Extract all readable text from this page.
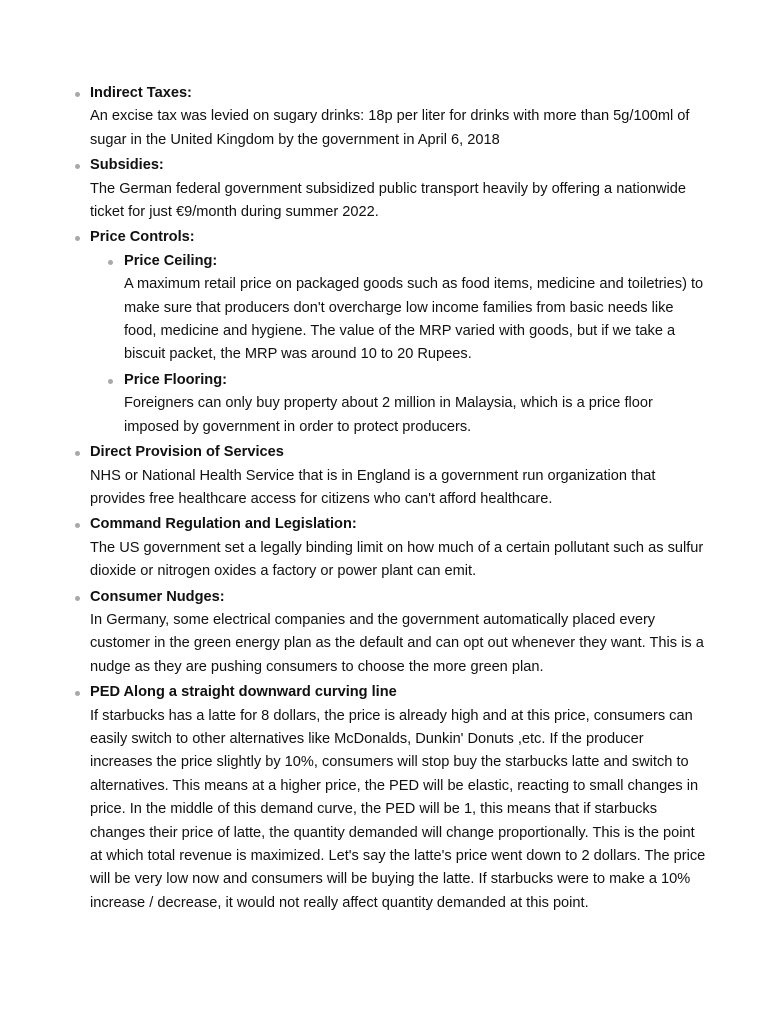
Indirect Taxes:
An excise tax was levied on sugary drinks: 18p per liter for drinks with more than 5g/100ml of sugar in the United Kingdom by the government in April 6, 2018
Subsidies:
The German federal government subsidized public transport heavily by offering a nationwide ticket for just €9/month during summer 2022.
Price Controls:
Price Ceiling:
A maximum retail price on packaged goods such as food items, medicine and toiletries) to make sure that producers don't overcharge low income families from basic needs like food, medicine and hygiene. The value of the MRP varied with goods, but if we take a biscuit packet, the MRP was around 10 to 20 Rupees.
Price Flooring:
Foreigners can only buy property about 2 million in Malaysia, which is a price floor imposed by government in order to protect producers.
Direct Provision of Services
NHS or National Health Service that is in England is a government run organization that provides free healthcare access for citizens who can't afford healthcare.
Command Regulation and Legislation:
The US government set a legally binding limit on how much of a certain pollutant such as sulfur dioxide or nitrogen oxides a factory or power plant can emit.
Consumer Nudges:
In Germany, some electrical companies and the government automatically placed every customer in the green energy plan as the default and can opt out whenever they want. This is a nudge as they are pushing consumers to choose the more green plan.
PED Along a straight downward curving line
If starbucks has a latte for 8 dollars, the price is already high and at this price, consumers can easily switch to other alternatives like McDonalds, Dunkin' Donuts ,etc. If the producer increases the price slightly by 10%, consumers will stop buy the starbucks latte and switch to alternatives. This means at a higher price, the PED will be elastic, reacting to small changes in price. In the middle of this demand curve, the PED will be 1, this means that if starbucks changes their price of latte, the quantity demanded will change proportionally. This is the point at which total revenue is maximized. Let's say the latte's price went down to 2 dollars. The price will be very low now and consumers will be buying the latte. If starbucks were to make a 10% increase / decrease, it would not really affect quantity demanded at this point.
